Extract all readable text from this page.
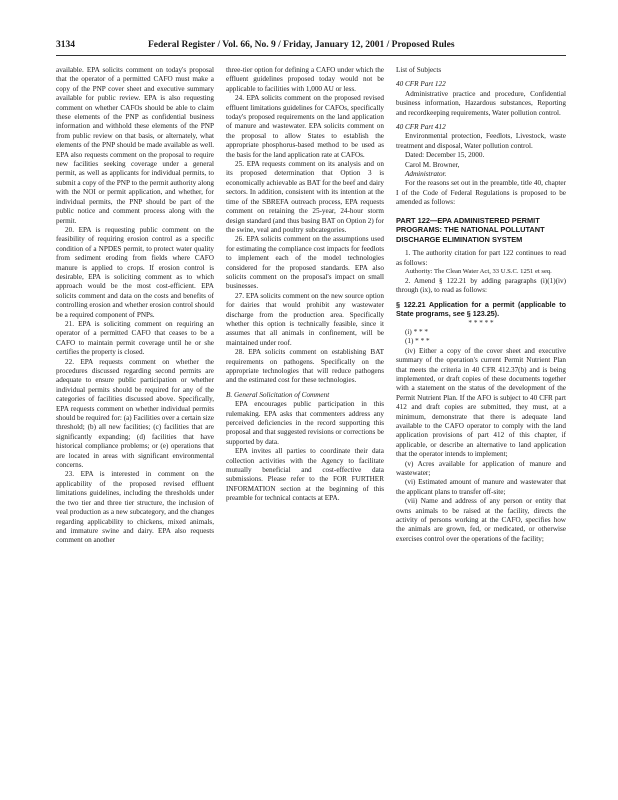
3134	Federal Register / Vol. 66, No. 9 / Friday, January 12, 2001 / Proposed Rules

available. EPA solicits comment on today's proposal that the operator of a permitted CAFO must make a copy of the PNP cover sheet and executive summary available for public review. EPA is also requesting comment on whether CAFOs should be able to claim these elements of the PNP as confidential business information and withhold these elements of the PNP from public review on that basis, or alternately, what elements of the PNP should be made available as well. EPA also requests comment on the proposal to require new facilities seeking coverage under a general permit, as well as applicants for individual permits, to submit a copy of the PNP to the permit authority along with the NOI or permit application, and whether, for individual permits, the PNP should be part of the public notice and comment process along with the permit.

20. EPA is requesting public comment on the feasibility of requiring erosion control as a specific condition of a NPDES permit, to protect water quality from sediment eroding from fields where CAFO manure is applied to crops. If erosion control is desirable, EPA is soliciting comment as to which approach would be the most cost-efficient. EPA solicits comment and data on the costs and benefits of controlling erosion and whether erosion control should be a required component of PNPs.

21. EPA is soliciting comment on requiring an operator of a permitted CAFO that ceases to be a CAFO to maintain permit coverage until he or she certifies the property is closed.

22. EPA requests comment on whether the procedures discussed regarding second permits are adequate to ensure public participation or whether individual permits should be required for any of the categories of facilities discussed above. Specifically, EPA requests comment on whether individual permits should be required for: (a) Facilities over a certain size threshold; (b) all new facilities; (c) facilities that are significantly expanding; (d) facilities that have historical compliance problems; or (e) operations that are located in areas with significant environmental concerns.

23. EPA is interested in comment on the applicability of the proposed revised effluent limitations guidelines, including the thresholds under the two tier and three tier structure, the inclusion of veal production as a new subcategory, and the changes regarding applicability to chickens, mixed animals, and immature swine and dairy. EPA also requests comment on another

three-tier option for defining a CAFO under which the effluent guidelines proposed today would not be applicable to facilities with 1,000 AU or less.

24. EPA solicits comment on the proposed revised effluent limitations guidelines for CAFOs, specifically today's proposed requirements on the land application of manure and wastewater. EPA solicits comment on the proposal to allow States to establish the appropriate phosphorus-based method to be used as the basis for the land application rate at CAFOs.

25. EPA requests comment on its analysis and on its proposed determination that Option 3 is economically achievable as BAT for the beef and dairy sectors. In addition, consistent with its intention at the time of the SBREFA outreach process, EPA requests comment on retaining the 25-year, 24-hour storm design standard (and thus basing BAT on Option 2) for the swine, veal and poultry subcategories.

26. EPA solicits comment on the assumptions used for estimating the compliance cost impacts for feedlots to implement each of the model technologies considered for the proposed standards. EPA also solicits comment on the proposal's impact on small businesses.

27. EPA solicits comment on the new source option for dairies that would prohibit any wastewater discharge from the production area. Specifically whether this option is technically feasible, since it assumes that all animals in confinement, will be maintained under roof.

28. EPA solicits comment on establishing BAT requirements on pathogens. Specifically on the appropriate technologies that will reduce pathogens and the estimated cost for these technologies.

B. General Solicitation of Comment

EPA encourages public participation in this rulemaking. EPA asks that commenters address any perceived deficiencies in the record supporting this proposal and that suggested revisions or corrections be supported by data.

EPA invites all parties to coordinate their data collection activities with the Agency to facilitate mutually beneficial and cost-effective data submissions. Please refer to the FOR FURTHER INFORMATION section at the beginning of this preamble for technical contacts at EPA.

List of Subjects

40 CFR Part 122

Administrative practice and procedure, Confidential business information, Hazardous substances, Reporting and recordkeeping requirements, Water pollution control.

40 CFR Part 412

Environmental protection, Feedlots, Livestock, waste treatment and disposal, Water pollution control.

Dated: December 15, 2000.

Carol M. Browner,

Administrator.

For the reasons set out in the preamble, title 40, chapter I of the Code of Federal Regulations is proposed to be amended as follows:

PART 122—EPA ADMINISTERED PERMIT PROGRAMS: THE NATIONAL POLLUTANT DISCHARGE ELIMINATION SYSTEM

1. The authority citation for part 122 continues to read as follows:

Authority: The Clean Water Act, 33 U.S.C. 1251 et seq.

2. Amend § 122.21 by adding paragraphs (i)(1)(iv) through (ix), to read as follows:

§ 122.21 Application for a permit (applicable to State programs, see § 123.25).

* * * * *

(i) * * *

(1) * * *

(iv) Either a copy of the cover sheet and executive summary of the operation's current Permit Nutrient Plan that meets the criteria in 40 CFR 412.37(b) and is being implemented, or draft copies of these documents together with a statement on the status of the development of the Permit Nutrient Plan. If the AFO is subject to 40 CFR part 412 and draft copies are submitted, they must, at a minimum, demonstrate that there is adequate land available to the CAFO operator to comply with the land application provisions of part 412 of this chapter, if applicable, or describe an alternative to land application that the operator intends to implement;

(v) Acres available for application of manure and wastewater;

(vi) Estimated amount of manure and wastewater that the applicant plans to transfer off-site;

(vii) Name and address of any person or entity that owns animals to be raised at the facility, directs the activity of persons working at the CAFO, specifies how the animals are grown, fed, or medicated, or otherwise exercises control over the operations of the facility;
